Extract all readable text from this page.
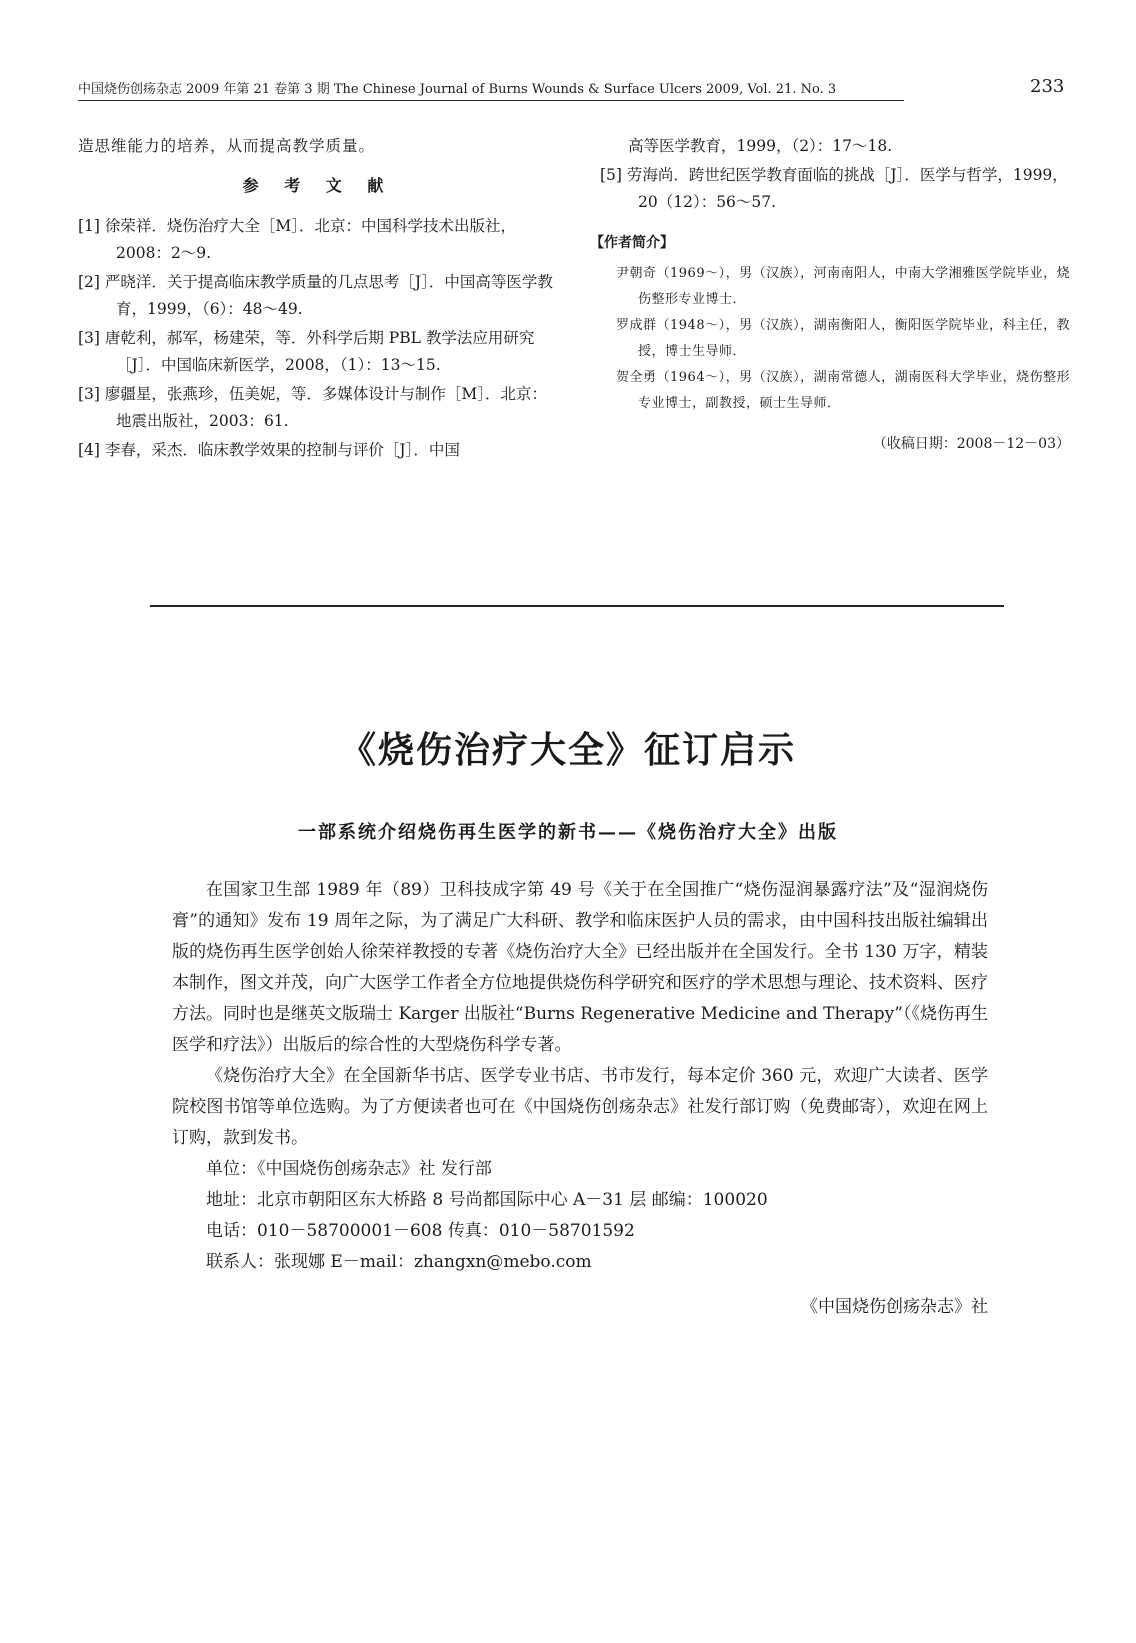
中国烧伤创疡杂志 2009 年第 21 卷第 3 期 The Chinese Journal of Burns Wounds & Surface Ulcers 2009, Vol. 21. No. 3	233

造思维能力的培养，从而提高教学质量。

参 考 文 献

[1] 徐荣祥．烧伤治疗大全［M］．北京：中国科学技术出版社，2008：2～9.

[2] 严晓洋．关于提高临床教学质量的几点思考［J］．中国高等医学教育，1999，（6）：48～49.

[3] 唐乾利，郝军，杨建荣，等．外科学后期 PBL 教学法应用研究［J］．中国临床新医学，2008，（1）：13～15.

[3] 廖疆星，张燕珍，伍美妮，等．多媒体设计与制作［M］．北京：地震出版社，2003：61.

[4] 李春，采杰．临床教学效果的控制与评价［J］．中国

高等医学教育，1999，（2）：17～18.

[5] 劳海尚．跨世纪医学教育面临的挑战［J］．医学与哲学，1999，20（12）：56～57.

【作者简介】

尹朝奇（1969～），男（汉族），河南南阳人，中南大学湘雅医学院毕业，烧伤整形专业博士．

罗成群（1948～），男（汉族），湖南衡阳人，衡阳医学院毕业，科主任，教授，博士生导师．

贺全勇（1964～），男（汉族），湖南常德人，湖南医科大学毕业，烧伤整形专业博士，副教授，硕士生导师．

（收稿日期：2008－12－03）

《烧伤治疗大全》征订启示
一部系统介绍烧伤再生医学的新书——《烧伤治疗大全》出版

在国家卫生部 1989 年（89）卫科技成字第 49 号《关于在全国推广“烧伤湿润暴露疗法”及“湿润烧伤膏”的通知》发布 19 周年之际，为了满足广大科研、教学和临床医护人员的需求，由中国科技出版社编辑出版的烧伤再生医学创始人徐荣祥教授的专著《烧伤治疗大全》已经出版并在全国发行。全书 130 万字，精装本制作，图文并茂，向广大医学工作者全方位地提供烧伤科学研究和医疗的学术思想与理论、技术资料、医疗方法。同时也是继英文版瑞士 Karger 出版社“Burns Regenerative Medicine and Therapy”（《烧伤再生医学和疗法》）出版后的综合性的大型烧伤科学专著。

《烧伤治疗大全》在全国新华书店、医学专业书店、书市发行，每本定价 360 元，欢迎广大读者、医学院校图书馆等单位选购。为了方便读者也可在《中国烧伤创疡杂志》社发行部订购（免费邮寄），欢迎在网上订购，款到发书。

单位：《中国烧伤创疡杂志》社 发行部

地址：北京市朝阳区东大桥路 8 号尚都国际中心 A－31 层 邮编：100020

电话：010－58700001－608 传真：010－58701592

联系人：张现娜 E－mail：zhangxn@mebo.com

《中国烧伤创疡杂志》社
